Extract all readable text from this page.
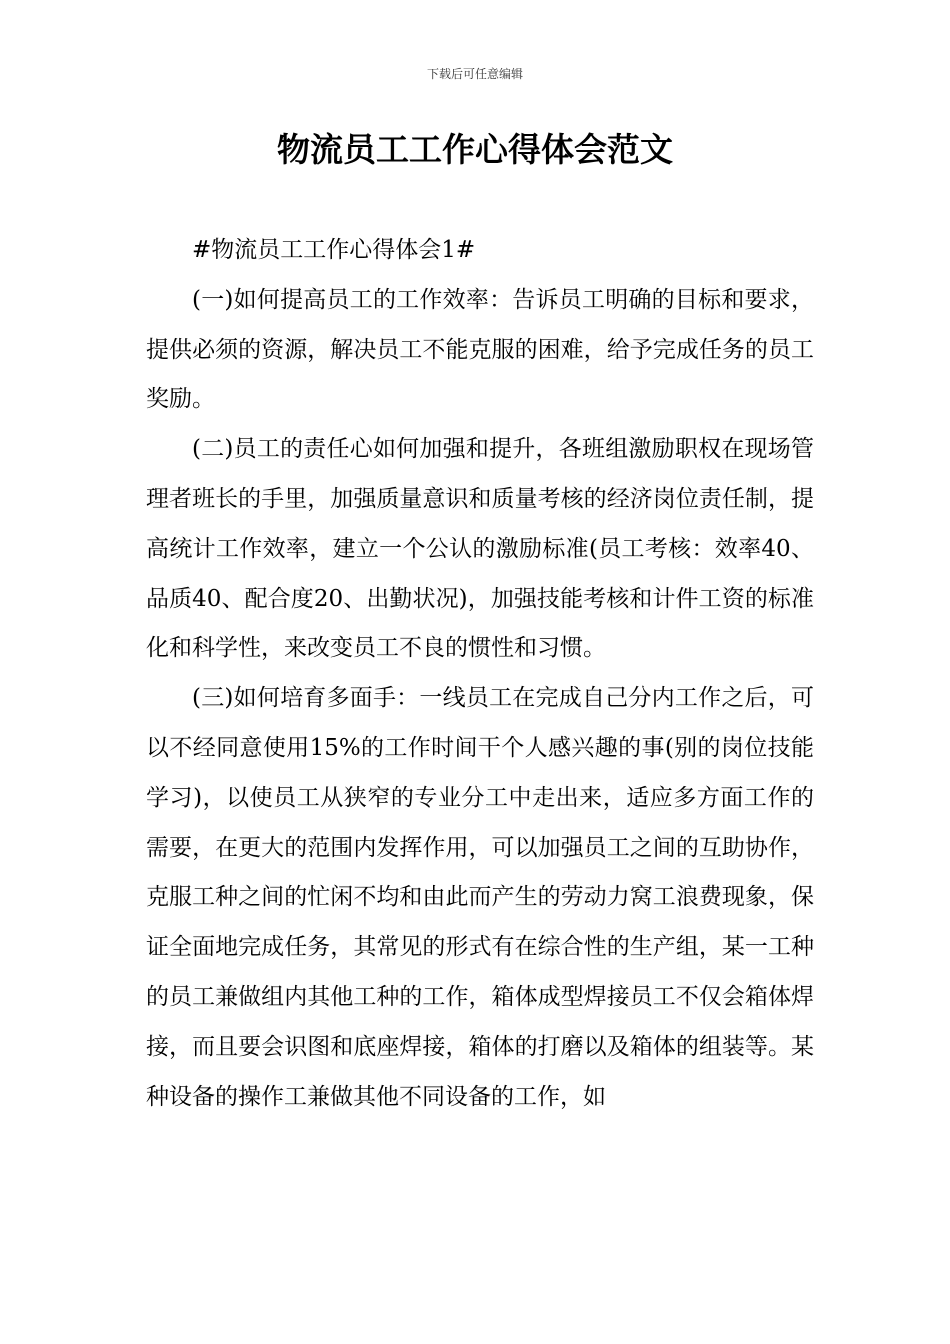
下载后可任意编辑
物流员工工作心得体会范文

#物流员工工作心得体会1#

(一)如何提高员工的工作效率：告诉员工明确的目标和要求，提供必须的资源，解决员工不能克服的困难，给予完成任务的员工奖励。

(二)员工的责任心如何加强和提升，各班组激励职权在现场管理者班长的手里，加强质量意识和质量考核的经济岗位责任制，提高统计工作效率，建立一个公认的激励标准(员工考核：效率40、品质40、配合度20、出勤状况)，加强技能考核和计件工资的标准化和科学性，来改变员工不良的惯性和习惯。

(三)如何培育多面手：一线员工在完成自己分内工作之后，可以不经同意使用15%的工作时间干个人感兴趣的事(别的岗位技能学习)，以使员工从狭窄的专业分工中走出来，适应多方面工作的需要，在更大的范围内发挥作用，可以加强员工之间的互助协作，克服工种之间的忙闲不均和由此而产生的劳动力窝工浪费现象，保证全面地完成任务，其常见的形式有在综合性的生产组，某一工种的员工兼做组内其他工种的工作，箱体成型焊接员工不仅会箱体焊接，而且要会识图和底座焊接，箱体的打磨以及箱体的组装等。某种设备的操作工兼做其他不同设备的工作，如
